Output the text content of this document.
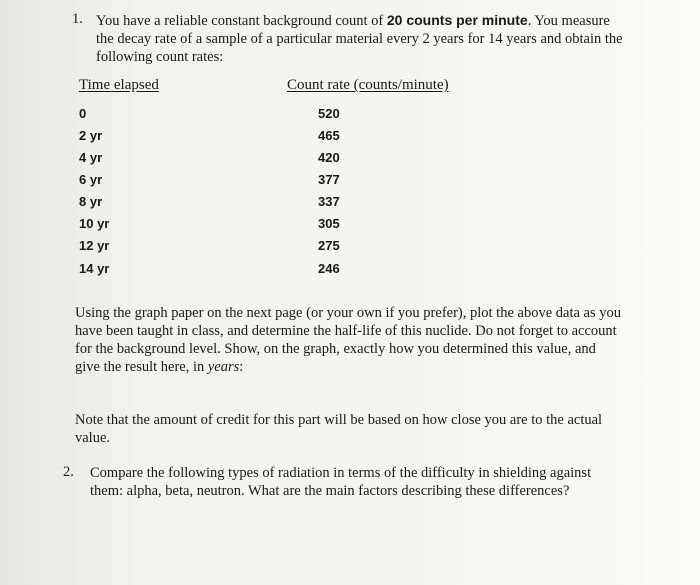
1. You have a reliable constant background count of 20 counts per minute. You measure
the decay rate of a sample of a particular material every 2 years for 14 years and obtain the
following count rates:
Time elapsed	Count rate (counts/minute)
0	520
2 yr	465
4 yr	420
6 yr	377
8 yr	337
10 yr	305
12 yr	275
14 yr	246
Using the graph paper on the next page (or your own if you prefer), plot the above data as you
have been taught in class, and determine the half-life of this nuclide. Do not forget to account
for the background level. Show, on the graph, exactly how you determined this value, and
give the result here, in years:
Note that the amount of credit for this part will be based on how close you are to the actual
value.
2. Compare the following types of radiation in terms of the difficulty in shielding against
them: alpha, beta, neutron. What are the main factors describing these differences?
